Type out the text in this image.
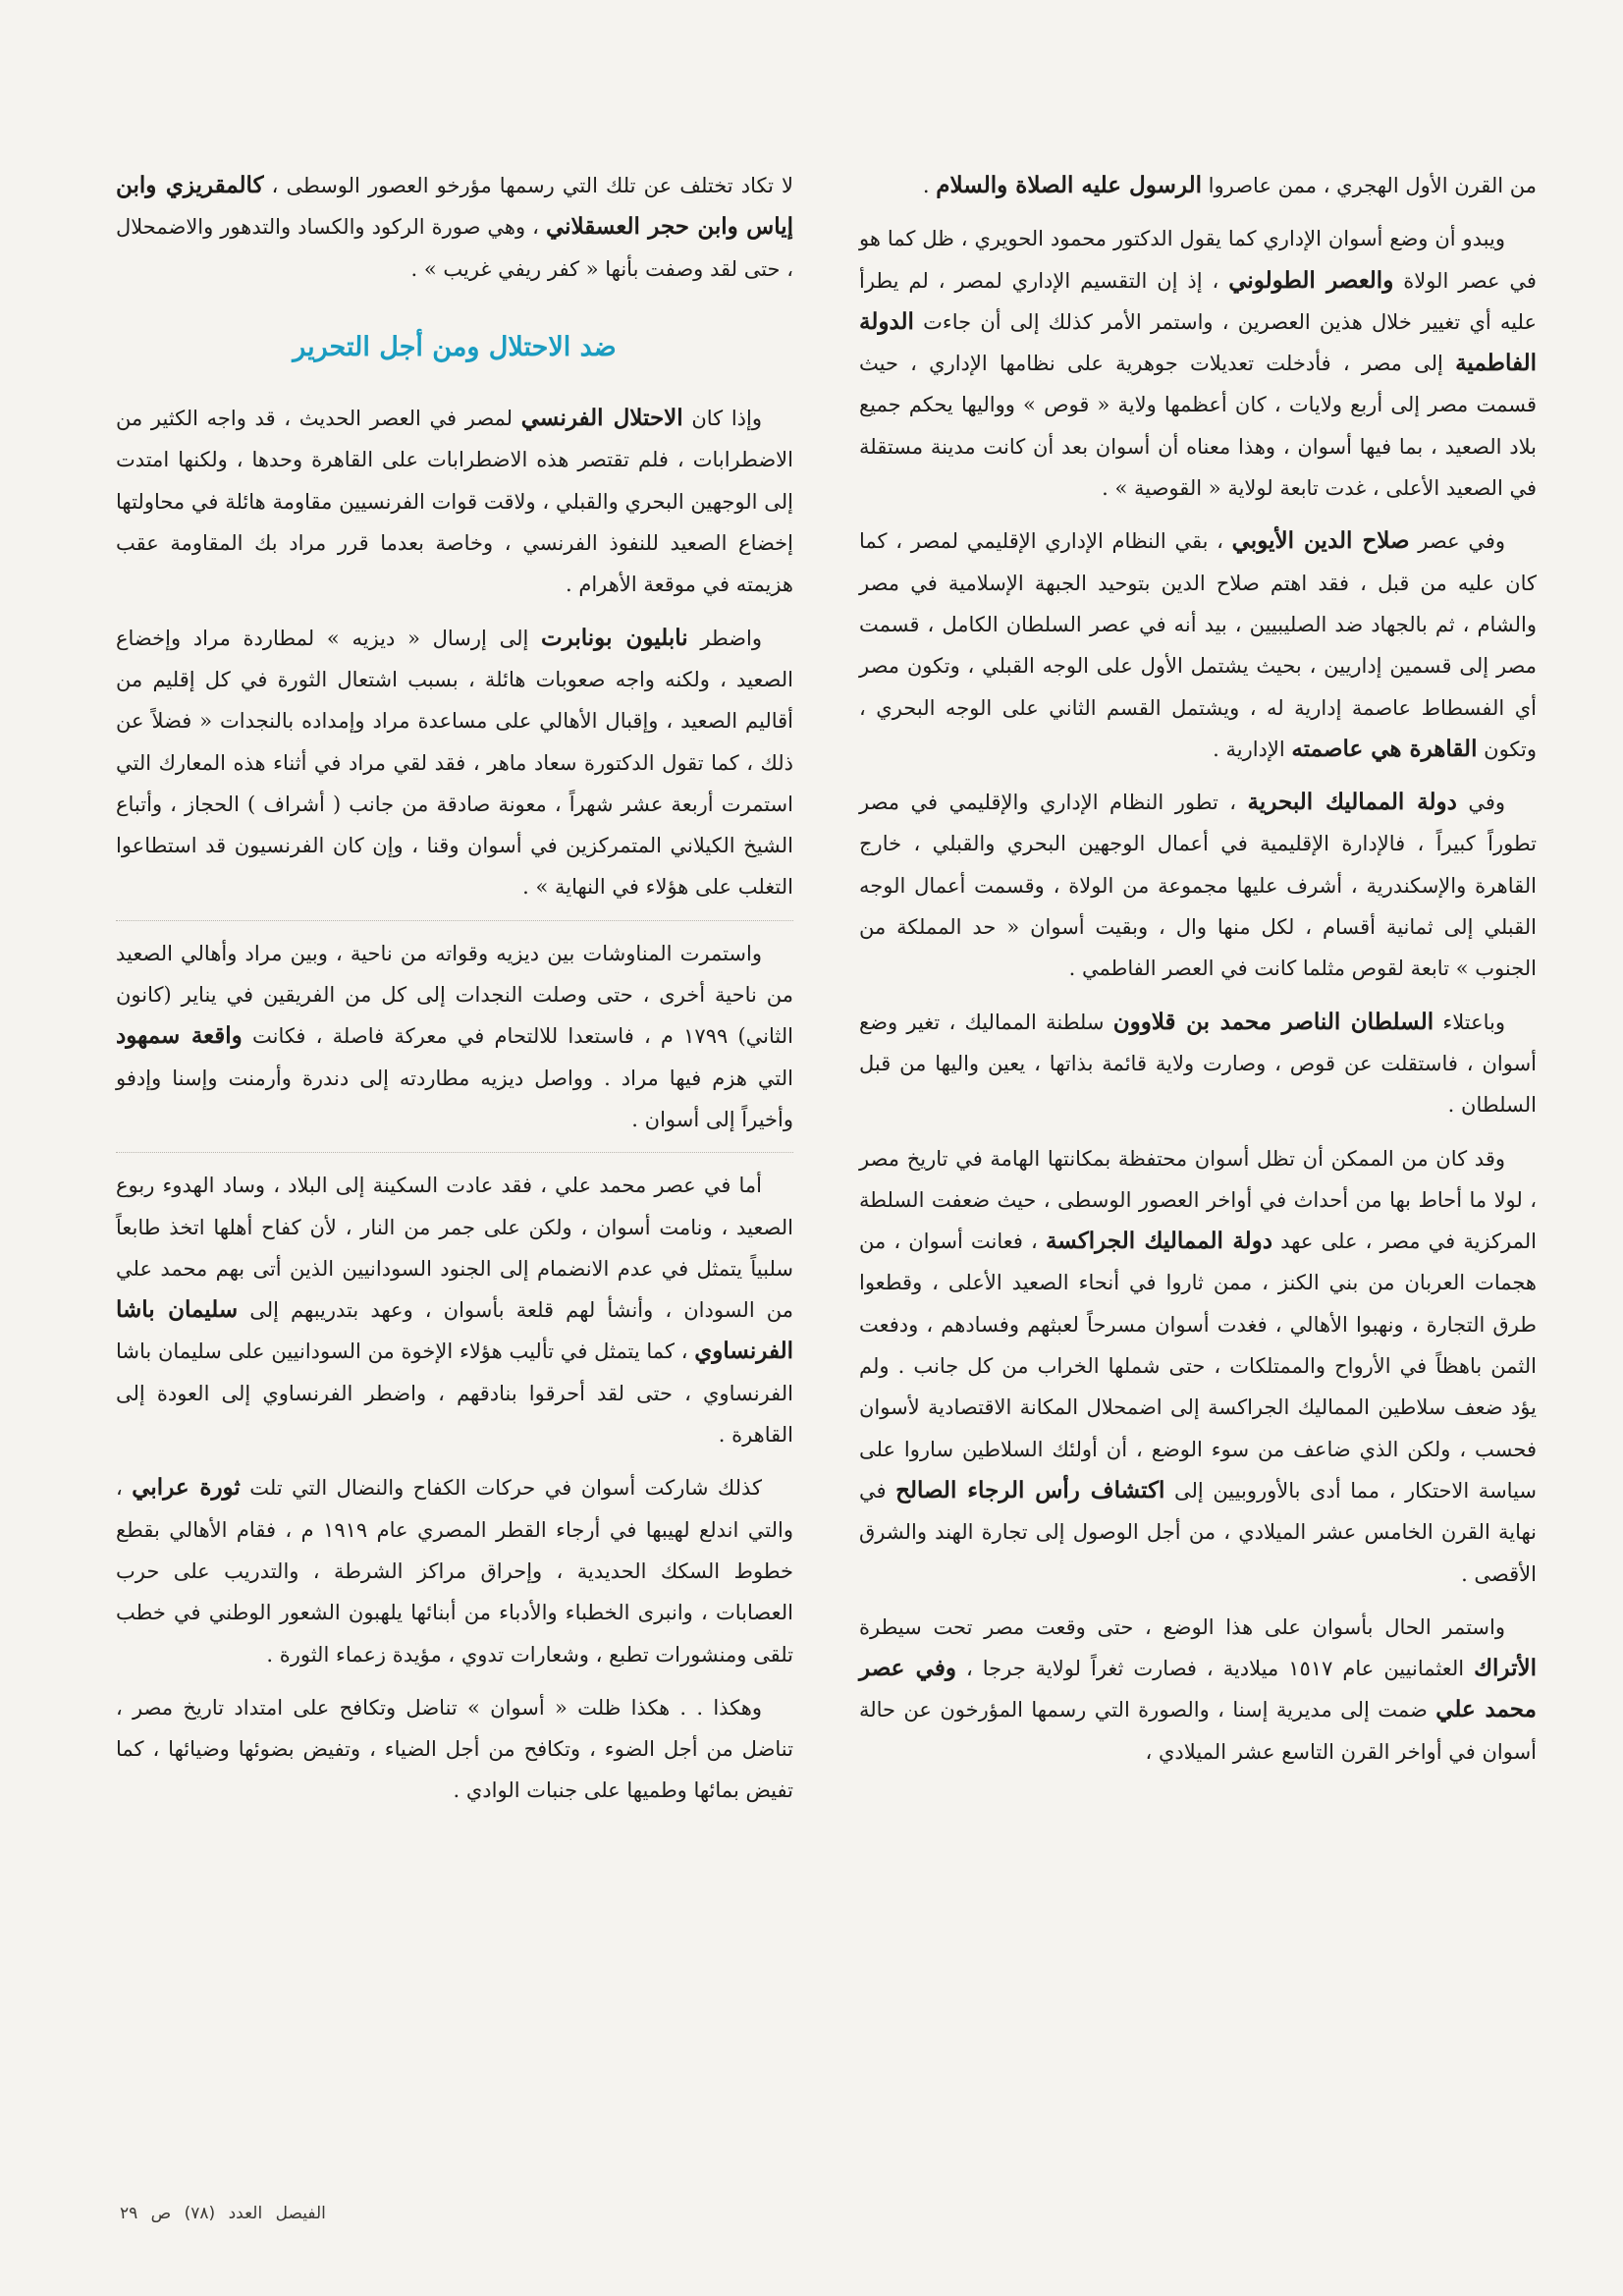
من القرن الأول الهجري ، ممن عاصروا الرسول عليه الصلاة والسلام .

ويبدو أن وضع أسوان الإداري كما يقول الدكتور محمود الحويري ، ظل كما هو في عصر الولاة والعصر الطولوني ، إذ إن التقسيم الإداري لمصر ، لم يطرأ عليه أي تغيير خلال هذين العصرين ، واستمر الأمر كذلك إلى أن جاءت الدولة الفاطمية إلى مصر ، فأدخلت تعديلات جوهرية على نظامها الإداري ، حيث قسمت مصر إلى أربع ولايات ، كان أعظمها ولاية « قوص » وواليها يحكم جميع بلاد الصعيد ، بما فيها أسوان ، وهذا معناه أن أسوان بعد أن كانت مدينة مستقلة في الصعيد الأعلى ، غدت تابعة لولاية « القوصية » .

وفي عصر صلاح الدين الأيوبي ، بقي النظام الإداري الإقليمي لمصر ، كما كان عليه من قبل ، فقد اهتم صلاح الدين بتوحيد الجبهة الإسلامية في مصر والشام ، ثم بالجهاد ضد الصليبيين ، بيد أنه في عصر السلطان الكامل ، قسمت مصر إلى قسمين إداريين ، بحيث يشتمل الأول على الوجه القبلي ، وتكون مصر أي الفسطاط عاصمة إدارية له ، ويشتمل القسم الثاني على الوجه البحري ، وتكون القاهرة هي عاصمته الإدارية .

وفي دولة المماليك البحرية ، تطور النظام الإداري والإقليمي في مصر تطوراً كبيراً ، فالإدارة الإقليمية في أعمال الوجهين البحري والقبلي ، خارج القاهرة والإسكندرية ، أشرف عليها مجموعة من الولاة ، وقسمت أعمال الوجه القبلي إلى ثمانية أقسام ، لكل منها وال ، وبقيت أسوان « حد المملكة من الجنوب » تابعة لقوص مثلما كانت في العصر الفاطمي .

وباعتلاء السلطان الناصر محمد بن قلاوون سلطنة المماليك ، تغير وضع أسوان ، فاستقلت عن قوص ، وصارت ولاية قائمة بذاتها ، يعين واليها من قبل السلطان .

وقد كان من الممكن أن تظل أسوان محتفظة بمكانتها الهامة في تاريخ مصر ، لولا ما أحاط بها من أحداث في أواخر العصور الوسطى ، حيث ضعفت السلطة المركزية في مصر ، على عهد دولة المماليك الجراكسة ، فعانت أسوان ، من هجمات العربان من بني الكنز ، ممن ثاروا في أنحاء الصعيد الأعلى ، وقطعوا طرق التجارة ، ونهبوا الأهالي ، فغدت أسوان مسرحاً لعبثهم وفسادهم ، ودفعت الثمن باهظاً في الأرواح والممتلكات ، حتى شملها الخراب من كل جانب . ولم يؤد ضعف سلاطين المماليك الجراكسة إلى اضمحلال المكانة الاقتصادية لأسوان فحسب ، ولكن الذي ضاعف من سوء الوضع ، أن أولئك السلاطين ساروا على سياسة الاحتكار ، مما أدى بالأوروبيين إلى اكتشاف رأس الرجاء الصالح في نهاية القرن الخامس عشر الميلادي ، من أجل الوصول إلى تجارة الهند والشرق الأقصى .

واستمر الحال بأسوان على هذا الوضع ، حتى وقعت مصر تحت سيطرة الأتراك العثمانيين عام ١٥١٧ ميلادية ، فصارت ثغراً لولاية جرجا ، وفي عصر محمد علي ضمت إلى مديرية إسنا ، والصورة التي رسمها المؤرخون عن حالة أسوان في أواخر القرن التاسع عشر الميلادي ،

لا تكاد تختلف عن تلك التي رسمها مؤرخو العصور الوسطى ، كالمقريزي وابن إياس وابن حجر العسقلاني ، وهي صورة الركود والكساد والتدهور والاضمحلال ، حتى لقد وصفت بأنها « كفر ريفي غريب » .

ضد الاحتلال ومن أجل التحرير

وإذا كان الاحتلال الفرنسي لمصر في العصر الحديث ، قد واجه الكثير من الاضطرابات ، فلم تقتصر هذه الاضطرابات على القاهرة وحدها ، ولكنها امتدت إلى الوجهين البحري والقبلي ، ولاقت قوات الفرنسيين مقاومة هائلة في محاولتها إخضاع الصعيد للنفوذ الفرنسي ، وخاصة بعدما قرر مراد بك المقاومة عقب هزيمته في موقعة الأهرام .

واضطر نابليون بونابرت إلى إرسال « ديزيه » لمطاردة مراد وإخضاع الصعيد ، ولكنه واجه صعوبات هائلة ، بسبب اشتعال الثورة في كل إقليم من أقاليم الصعيد ، وإقبال الأهالي على مساعدة مراد وإمداده بالنجدات « فضلاً عن ذلك ، كما تقول الدكتورة سعاد ماهر ، فقد لقي مراد في أثناء هذه المعارك التي استمرت أربعة عشر شهراً ، معونة صادقة من جانب ( أشراف ) الحجاز ، وأتباع الشيخ الكيلاني المتمركزين في أسوان وقنا ، وإن كان الفرنسيون قد استطاعوا التغلب على هؤلاء في النهاية » .

واستمرت المناوشات بين ديزيه وقواته من ناحية ، وبين مراد وأهالي الصعيد من ناحية أخرى ، حتى وصلت النجدات إلى كل من الفريقين في يناير (كانون الثاني) ١٧٩٩ م ، فاستعدا للالتحام في معركة فاصلة ، فكانت واقعة سمهود التي هزم فيها مراد . وواصل ديزيه مطاردته إلى دندرة وأرمنت وإسنا وإدفو وأخيراً إلى أسوان .

أما في عصر محمد علي ، فقد عادت السكينة إلى البلاد ، وساد الهدوء ربوع الصعيد ، ونامت أسوان ، ولكن على جمر من النار ، لأن كفاح أهلها اتخذ طابعاً سلبياً يتمثل في عدم الانضمام إلى الجنود السودانيين الذين أتى بهم محمد علي من السودان ، وأنشأ لهم قلعة بأسوان ، وعهد بتدريبهم إلى سليمان باشا الفرنساوي ، كما يتمثل في تأليب هؤلاء الإخوة من السودانيين على سليمان باشا الفرنساوي ، حتى لقد أحرقوا بنادقهم ، واضطر الفرنساوي إلى العودة إلى القاهرة .

كذلك شاركت أسوان في حركات الكفاح والنضال التي تلت ثورة عرابي ، والتي اندلع لهيبها في أرجاء القطر المصري عام ١٩١٩ م ، فقام الأهالي بقطع خطوط السكك الحديدية ، وإحراق مراكز الشرطة ، والتدريب على حرب العصابات ، وانبرى الخطباء والأدباء من أبنائها يلهبون الشعور الوطني في خطب تلقى ومنشورات تطبع ، وشعارات تدوي ، مؤيدة زعماء الثورة .

وهكذا . . هكذا ظلت « أسوان » تناضل وتكافح على امتداد تاريخ مصر ، تناضل من أجل الضوء ، وتكافح من أجل الضياء ، وتفيض بضوئها وضيائها ، كما تفيض بمائها وطميها على جنبات الوادي .

الفيصل العدد (٧٨) ص ٢٩
